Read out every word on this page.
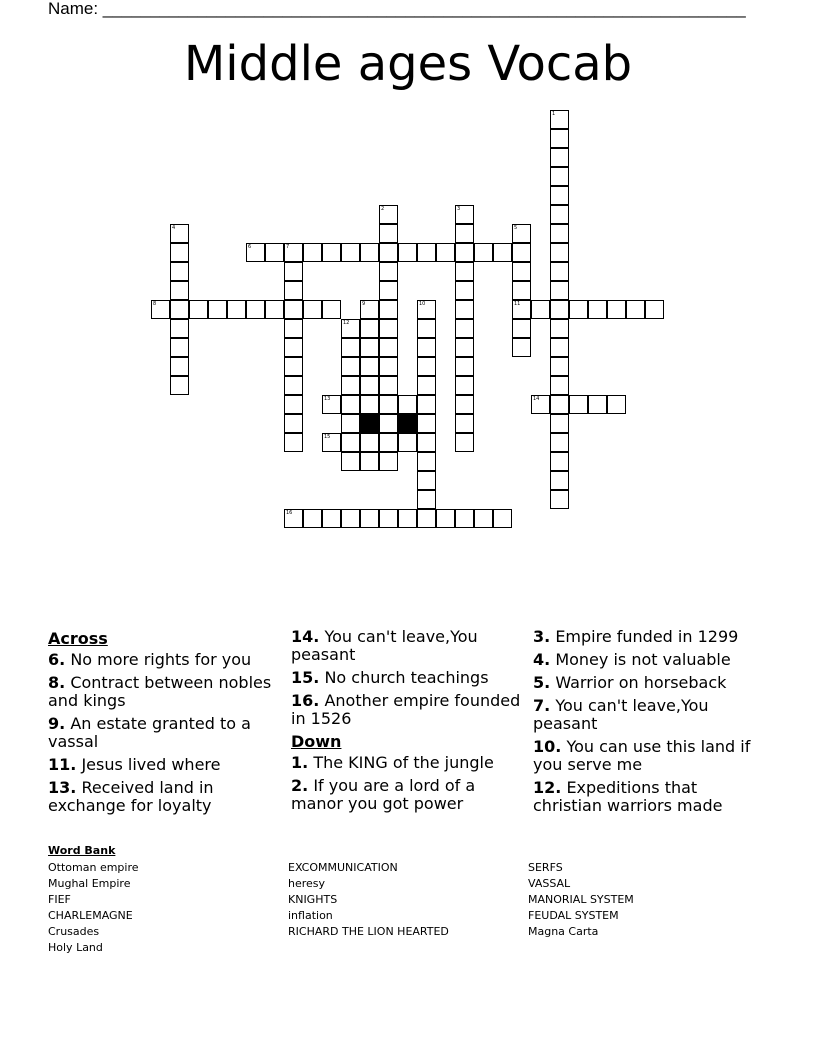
Name: ____________________________________________________________________
Middle ages Vocab
1
2	3
4	5
11
6	7
8	9	10
12
13	14
15
16
Across
6. No more rights for you
8. Contract between nobles and kings
9. An estate granted to a vassal
11. Jesus lived where
13. Received land in exchange for loyalty
14. You can't leave,You peasant
15. No church teachings
16. Another empire founded in 1526
Down
1. The KING of the jungle
2. If you are a lord of a manor you got power
3. Empire funded in 1299
4. Money is not valuable
5. Warrior on horseback
7. You can't leave,You peasant
10. You can use this land if you serve me
12. Expeditions that christian warriors made
Word Bank
Ottoman empire
Mughal Empire
FIEF
CHARLEMAGNE
Crusades
Holy Land
EXCOMMUNICATION
heresy
KNIGHTS
inflation
RICHARD THE LION HEARTED
SERFS
VASSAL
MANORIAL SYSTEM
FEUDAL SYSTEM
Magna Carta
